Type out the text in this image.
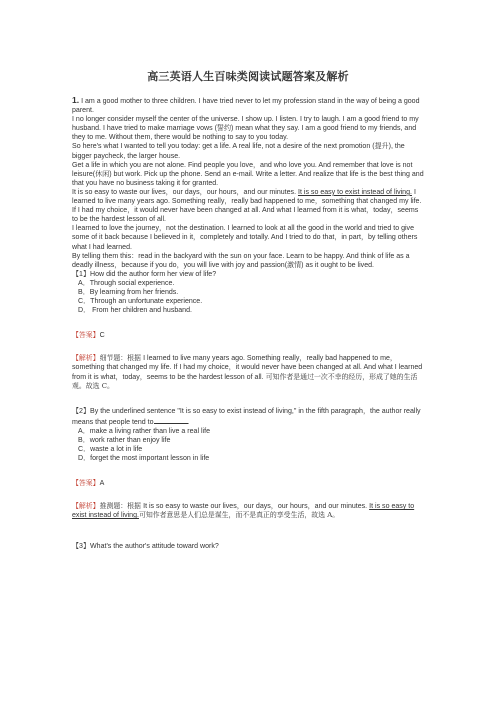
高三英语人生百味类阅读试题答案及解析

1. I am a good mother to three children. I have tried never to let my profession stand in the way of being a good parent.

I no longer consider myself the center of the universe. I show up. I listen. I try to laugh. I am a good friend to my husband. I have tried to make marriage vows (誓约) mean what they say. I am a good friend to my friends, and they to me. Without them, there would be nothing to say to you today.

So here's what I wanted to tell you today: get a life. A real life, not a desire of the next promotion (提升), the bigger paycheck, the larger house.

Get a life in which you are not alone. Find people you love，and who love you. And remember that love is not leisure(休闲) but work. Pick up the phone. Send an e-mail. Write a letter. And realize that life is the best thing and that you have no business taking it for granted.

It is so easy to waste our lives，our days，our hours，and our minutes. It is so easy to exist instead of living. I learned to live many years ago. Something really，really bad happened to me，something that changed my life. If I had my choice，it would never have been changed at all. And what I learned from it is what，today，seems to be the hardest lesson of all.

I learned to love the journey，not the destination. I learned to look at all the good in the world and tried to give some of it back because I believed in it，completely and totally. And I tried to do that，in part，by telling others what I had learned.

By telling them this：read in the backyard with the sun on your face. Learn to be happy. And think of life as a deadly illness，because if you do，you will live with joy and passion(激情) as it ought to be lived.

【1】How did the author form her view of life?

A．Through social experience.

B．By learning from her friends.

C．Through an unfortunate experience.

D． From her children and husband.

【答案】C

【解析】细节题：根据 I learned to live many years ago. Something really，really bad happened to me，something that changed my life. If I had my choice，it would never have been changed at all. And what I learned from it is what，today，seems to be the hardest lesson of all. 可知作者是通过一次不幸的经历，形成了她的生活观。故选 C。

【2】By the underlined sentence "It is so easy to exist instead of living," in the fifth paragraph，the author really means that people tend to	.

A．make a living rather than live a real life

B．work rather than enjoy life

C．waste a lot in life

D．forget the most important lesson in life

【答案】A

【解析】推测题：根据 It is so easy to waste our lives，our days，our hours，and our minutes. It is so easy to exist instead of living.可知作者意思是人们总是谋生，而不是真正的享受生活，故选 A。

【3】What's the author's attitude toward work?
